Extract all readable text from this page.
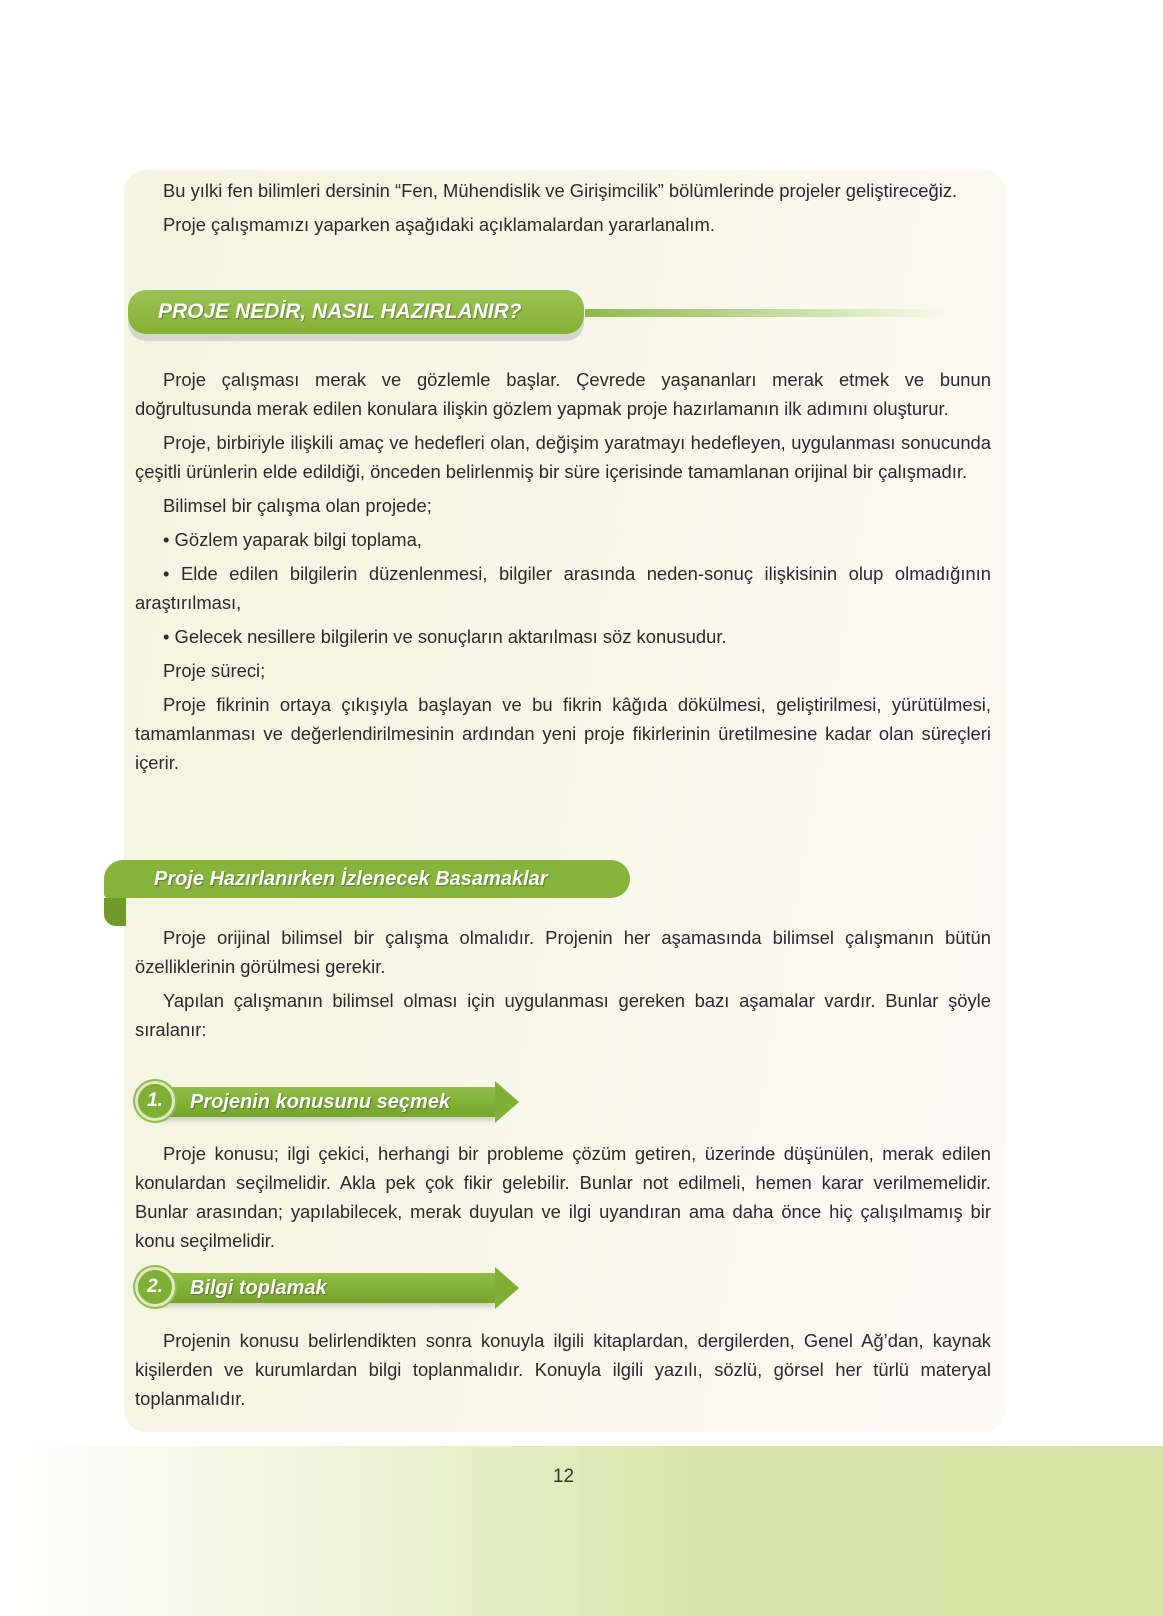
Bu yılki fen bilimleri dersinin “Fen, Mühendislik ve Girişimcilik” bölümlerinde projeler geliştireceğiz.

Proje çalışmamızı yaparken aşağıdaki açıklamalardan yararlanalım.

PROJE NEDİR, NASIL HAZIRLANIR?

Proje çalışması merak ve gözlemle başlar. Çevrede yaşananları merak etmek ve bunun doğrultusunda merak edilen konulara ilişkin gözlem yapmak proje hazırlamanın ilk adımını oluşturur.

Proje, birbiriyle ilişkili amaç ve hedefleri olan, değişim yaratmayı hedefleyen, uygulanması sonucunda çeşitli ürünlerin elde edildiği, önceden belirlenmiş bir süre içerisinde tamamlanan orijinal bir çalışmadır.

Bilimsel bir çalışma olan projede;

• Gözlem yaparak bilgi toplama,

• Elde edilen bilgilerin düzenlenmesi, bilgiler arasında neden-sonuç ilişkisinin olup olmadığının araştırılması,

• Gelecek nesillere bilgilerin ve sonuçların aktarılması söz konusudur.

Proje süreci;

Proje fikrinin ortaya çıkışıyla başlayan ve bu fikrin kâğıda dökülmesi, geliştirilmesi, yürütülmesi, tamamlanması ve değerlendirilmesinin ardından yeni proje fikirlerinin üretilmesine kadar olan süreçleri içerir.

Proje Hazırlanırken İzlenecek Basamaklar

Proje orijinal bilimsel bir çalışma olmalıdır. Projenin her aşamasında bilimsel çalışmanın bütün özelliklerinin görülmesi gerekir.

Yapılan çalışmanın bilimsel olması için uygulanması gereken bazı aşamalar vardır. Bunlar şöyle sıralanır:

1.	Projenin konusunu seçmek

Proje konusu; ilgi çekici, herhangi bir probleme çözüm getiren, üzerinde düşünülen, merak edilen konulardan seçilmelidir. Akla pek çok fikir gelebilir. Bunlar not edilmeli, hemen karar verilmemelidir. Bunlar arasından; yapılabilecek, merak duyulan ve ilgi uyandıran ama daha önce hiç çalışılmamış bir konu seçilmelidir.

2.	Bilgi toplamak

Projenin konusu belirlendikten sonra konuyla ilgili kitaplardan, dergilerden, Genel Ağ’dan, kaynak kişilerden ve kurumlardan bilgi toplanmalıdır. Konuyla ilgili yazılı, sözlü, görsel her türlü materyal toplanmalıdır.

12
